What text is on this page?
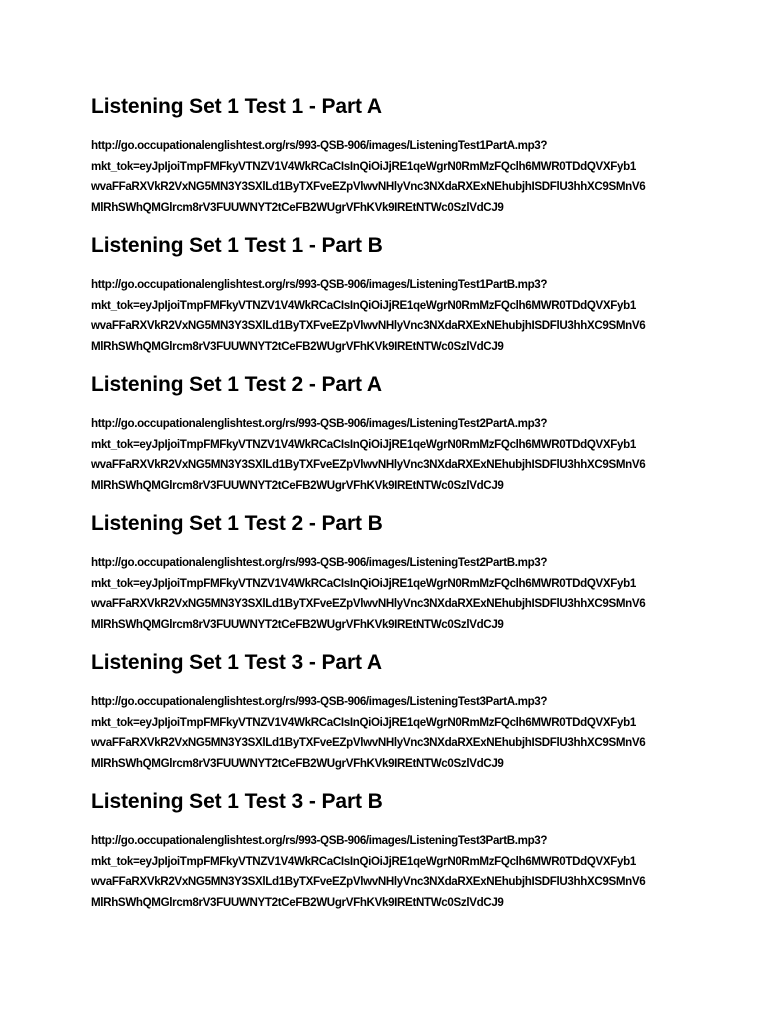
Listening Set 1 Test 1 - Part A
http://go.occupationalenglishtest.org/rs/993-QSB-906/images/ListeningTest1PartA.mp3?
mkt_tok=eyJpIjoiTmpFMFkyVTNZV1V4WkRCaCIsInQiOiJjRE1qeWgrN0RmMzFQclh6MWR0TDdQVXFyb1
wvaFFaRXVkR2VxNG5MN3Y3SXlLd1ByTXFveEZpVlwvNHlyVnc3NXdaRXExNEhubjhISDFlU3hhXC9SMnV6
MlRhSWhQMGlrcm8rV3FUUWNYT2tCeFB2WUgrVFhKVk9IREtNTWc0SzlVdCJ9
Listening Set 1 Test 1 - Part B
http://go.occupationalenglishtest.org/rs/993-QSB-906/images/ListeningTest1PartB.mp3?
mkt_tok=eyJpIjoiTmpFMFkyVTNZV1V4WkRCaCIsInQiOiJjRE1qeWgrN0RmMzFQclh6MWR0TDdQVXFyb1
wvaFFaRXVkR2VxNG5MN3Y3SXlLd1ByTXFveEZpVlwvNHlyVnc3NXdaRXExNEhubjhISDFlU3hhXC9SMnV6
MlRhSWhQMGlrcm8rV3FUUWNYT2tCeFB2WUgrVFhKVk9IREtNTWc0SzlVdCJ9
Listening Set 1 Test 2 - Part A
http://go.occupationalenglishtest.org/rs/993-QSB-906/images/ListeningTest2PartA.mp3?
mkt_tok=eyJpIjoiTmpFMFkyVTNZV1V4WkRCaCIsInQiOiJjRE1qeWgrN0RmMzFQclh6MWR0TDdQVXFyb1
wvaFFaRXVkR2VxNG5MN3Y3SXlLd1ByTXFveEZpVlwvNHlyVnc3NXdaRXExNEhubjhISDFlU3hhXC9SMnV6
MlRhSWhQMGlrcm8rV3FUUWNYT2tCeFB2WUgrVFhKVk9IREtNTWc0SzlVdCJ9
Listening Set 1 Test 2 - Part B
http://go.occupationalenglishtest.org/rs/993-QSB-906/images/ListeningTest2PartB.mp3?
mkt_tok=eyJpIjoiTmpFMFkyVTNZV1V4WkRCaCIsInQiOiJjRE1qeWgrN0RmMzFQclh6MWR0TDdQVXFyb1
wvaFFaRXVkR2VxNG5MN3Y3SXlLd1ByTXFveEZpVlwvNHlyVnc3NXdaRXExNEhubjhISDFlU3hhXC9SMnV6
MlRhSWhQMGlrcm8rV3FUUWNYT2tCeFB2WUgrVFhKVk9IREtNTWc0SzlVdCJ9
Listening Set 1 Test 3 - Part A
http://go.occupationalenglishtest.org/rs/993-QSB-906/images/ListeningTest3PartA.mp3?
mkt_tok=eyJpIjoiTmpFMFkyVTNZV1V4WkRCaCIsInQiOiJjRE1qeWgrN0RmMzFQclh6MWR0TDdQVXFyb1
wvaFFaRXVkR2VxNG5MN3Y3SXlLd1ByTXFveEZpVlwvNHlyVnc3NXdaRXExNEhubjhISDFlU3hhXC9SMnV6
MlRhSWhQMGlrcm8rV3FUUWNYT2tCeFB2WUgrVFhKVk9IREtNTWc0SzlVdCJ9
Listening Set 1 Test 3 - Part B
http://go.occupationalenglishtest.org/rs/993-QSB-906/images/ListeningTest3PartB.mp3?
mkt_tok=eyJpIjoiTmpFMFkyVTNZV1V4WkRCaCIsInQiOiJjRE1qeWgrN0RmMzFQclh6MWR0TDdQVXFyb1
wvaFFaRXVkR2VxNG5MN3Y3SXlLd1ByTXFveEZpVlwvNHlyVnc3NXdaRXExNEhubjhISDFlU3hhXC9SMnV6
MlRhSWhQMGlrcm8rV3FUUWNYT2tCeFB2WUgrVFhKVk9IREtNTWc0SzlVdCJ9
